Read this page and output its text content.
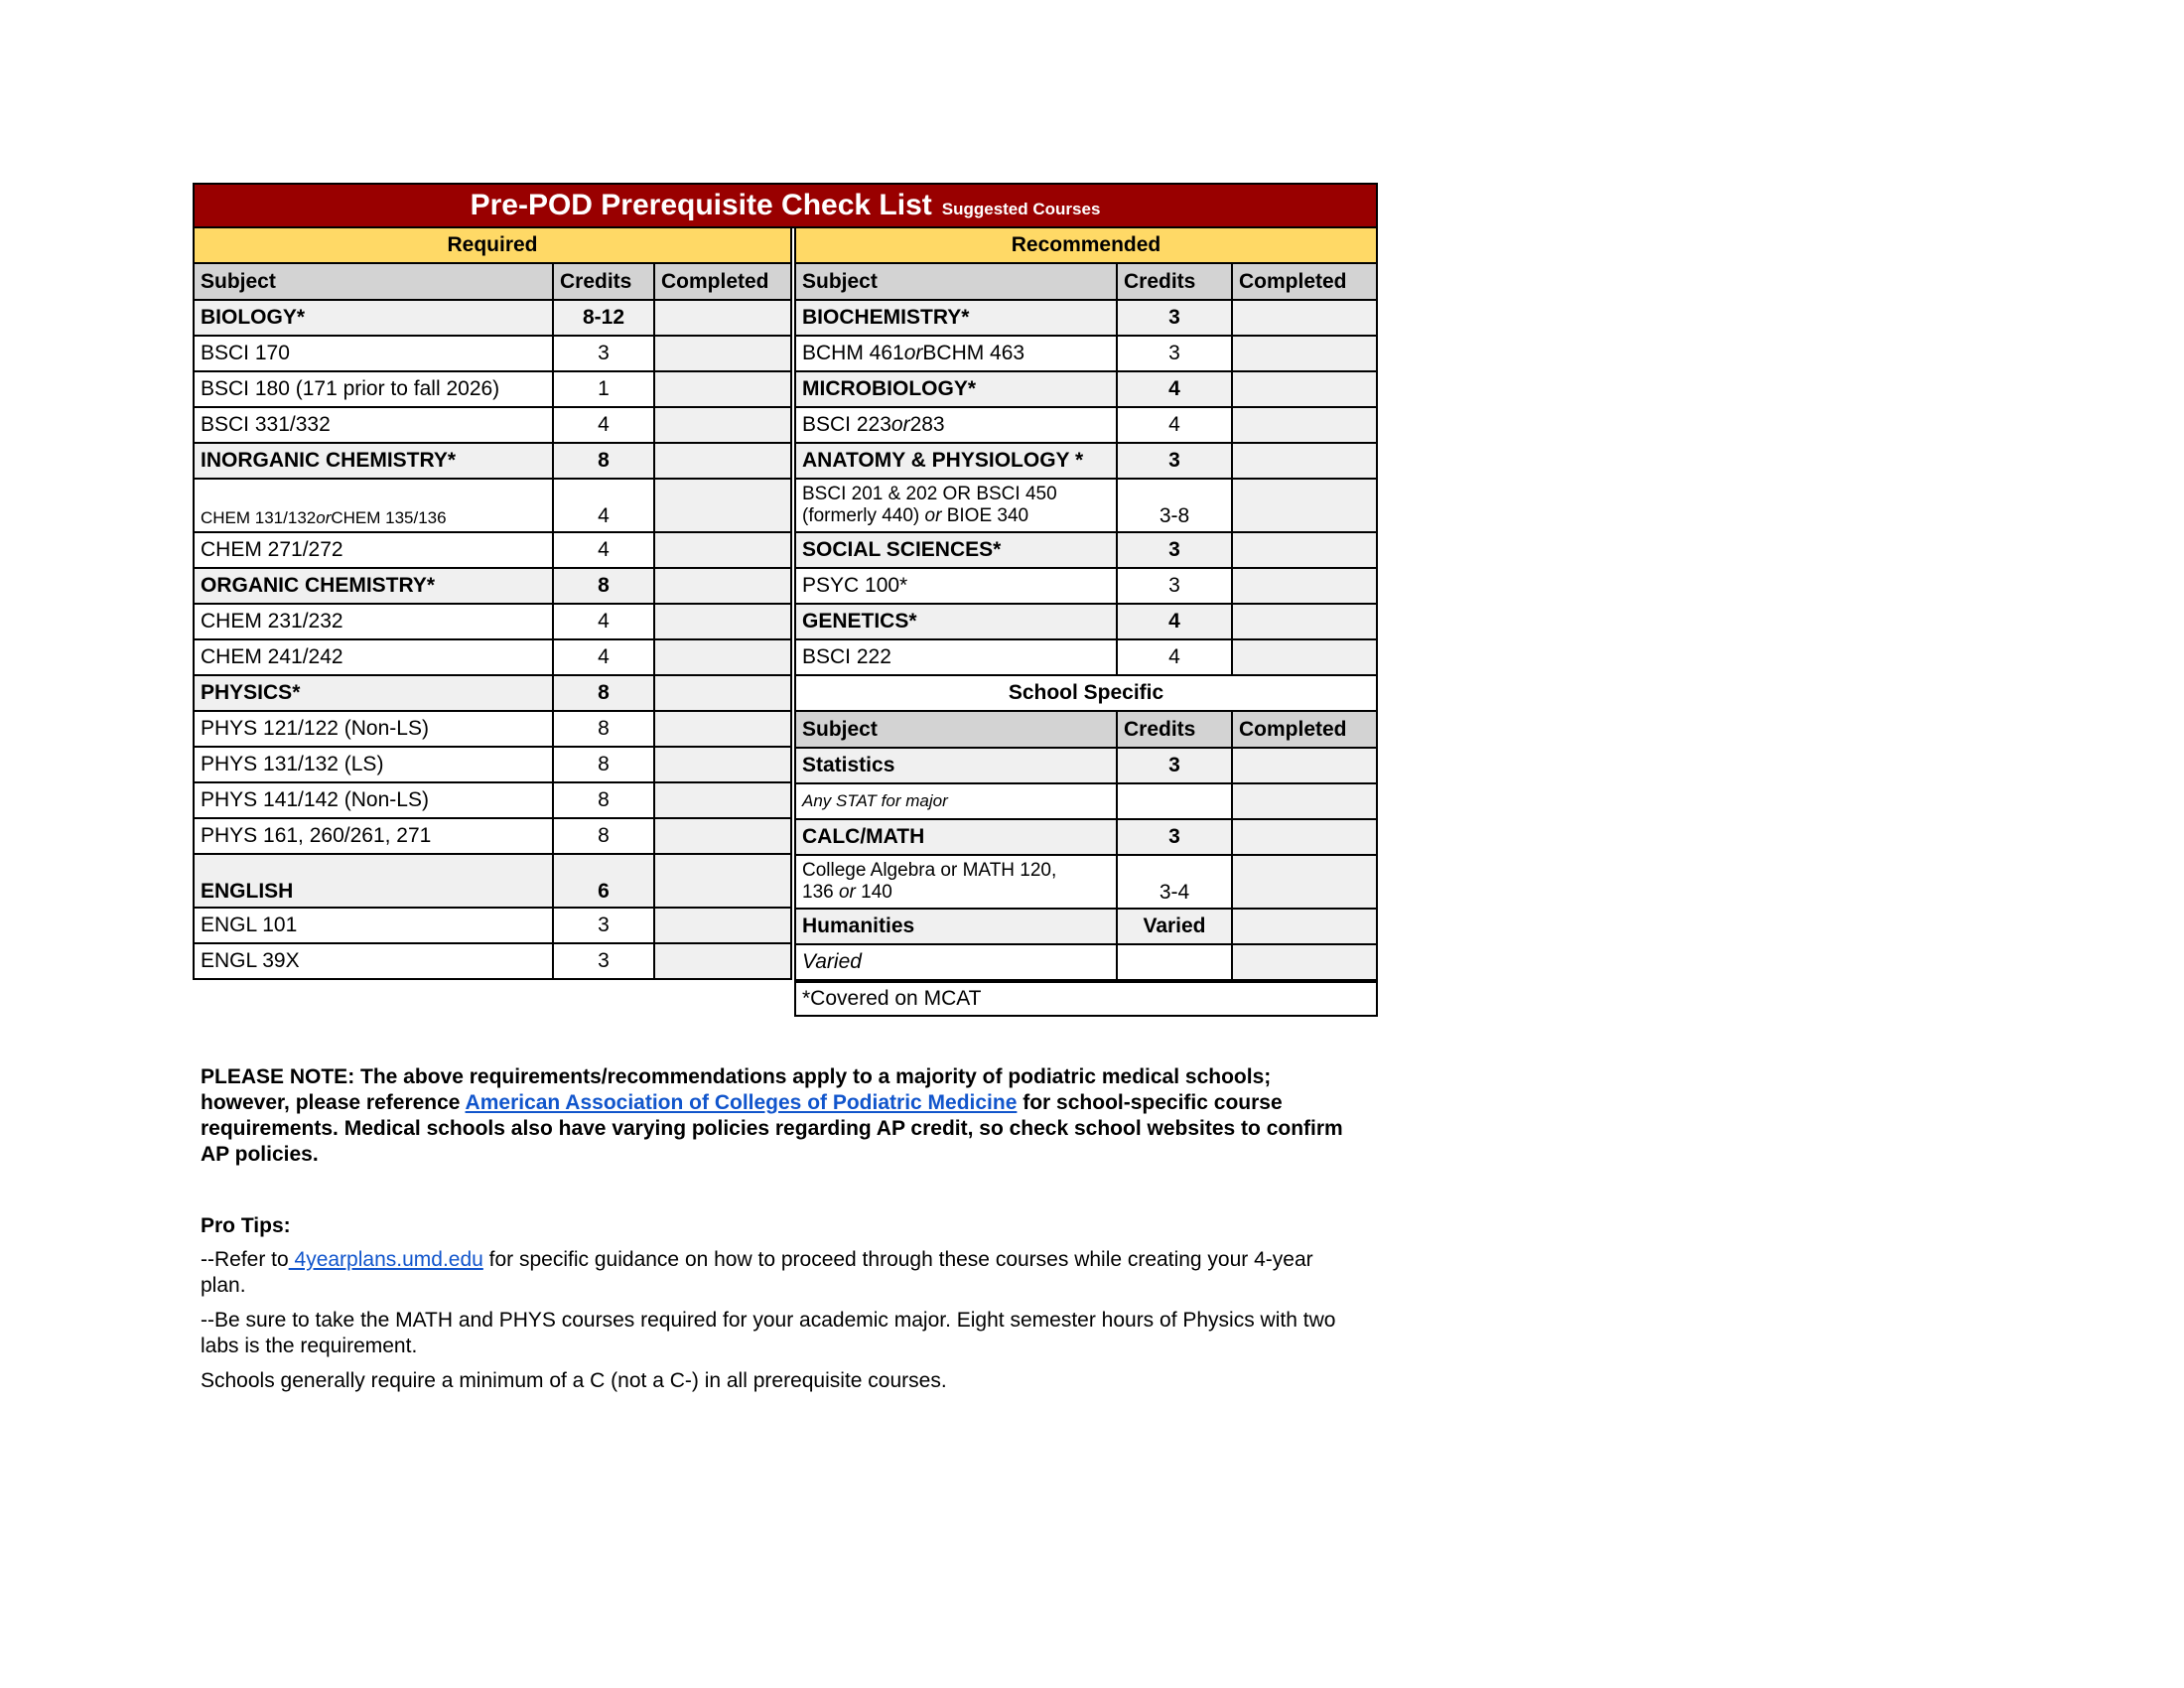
Pre-POD Prerequisite Check List Suggested Courses
Required
Subject	Credits	Completed
BIOLOGY*	8-12
BSCI 170	3
BSCI 180 (171 prior to fall 2026)	1
BSCI 331/332	4
INORGANIC CHEMISTRY*	8
CHEM 131/132 or CHEM 135/136	4
CHEM 271/272	4
ORGANIC CHEMISTRY*	8
CHEM 231/232	4
CHEM 241/242	4
PHYSICS*	8
PHYS 121/122 (Non-LS)	8
PHYS 131/132 (LS)	8
PHYS 141/142 (Non-LS)	8
PHYS 161, 260/261, 271	8
ENGLISH	6
ENGL 101	3
ENGL 39X	3
Recommended
Subject	Credits	Completed
BIOCHEMISTRY*	3
BCHM 461 or BCHM 463	3
MICROBIOLOGY*	4
BSCI 223 or 283	4
ANATOMY & PHYSIOLOGY *	3
BSCI 201 & 202 OR BSCI 450
(formerly 440) or BIOE 340	3-8
SOCIAL SCIENCES*	3
PSYC 100*	3
GENETICS*	4
BSCI 222	4
School Specific
Subject	Credits	Completed
Statistics	3
Any STAT for major
CALC/MATH	3
College Algebra or MATH 120,
136 or 140	3-4
Humanities	Varied
Varied
*Covered on MCAT

PLEASE NOTE: The above requirements/recommendations apply to a majority of podiatric medical schools; however, please reference American Association of Colleges of Podiatric Medicine for school-specific course requirements. Medical schools also have varying policies regarding AP credit, so check school websites to confirm AP policies.

Pro Tips:

--Refer to 4yearplans.umd.edu for specific guidance on how to proceed through these courses while creating your 4-year plan.

--Be sure to take the MATH and PHYS courses required for your academic major. Eight semester hours of Physics with two labs is the requirement.

Schools generally require a minimum of a C (not a C-) in all prerequisite courses.
